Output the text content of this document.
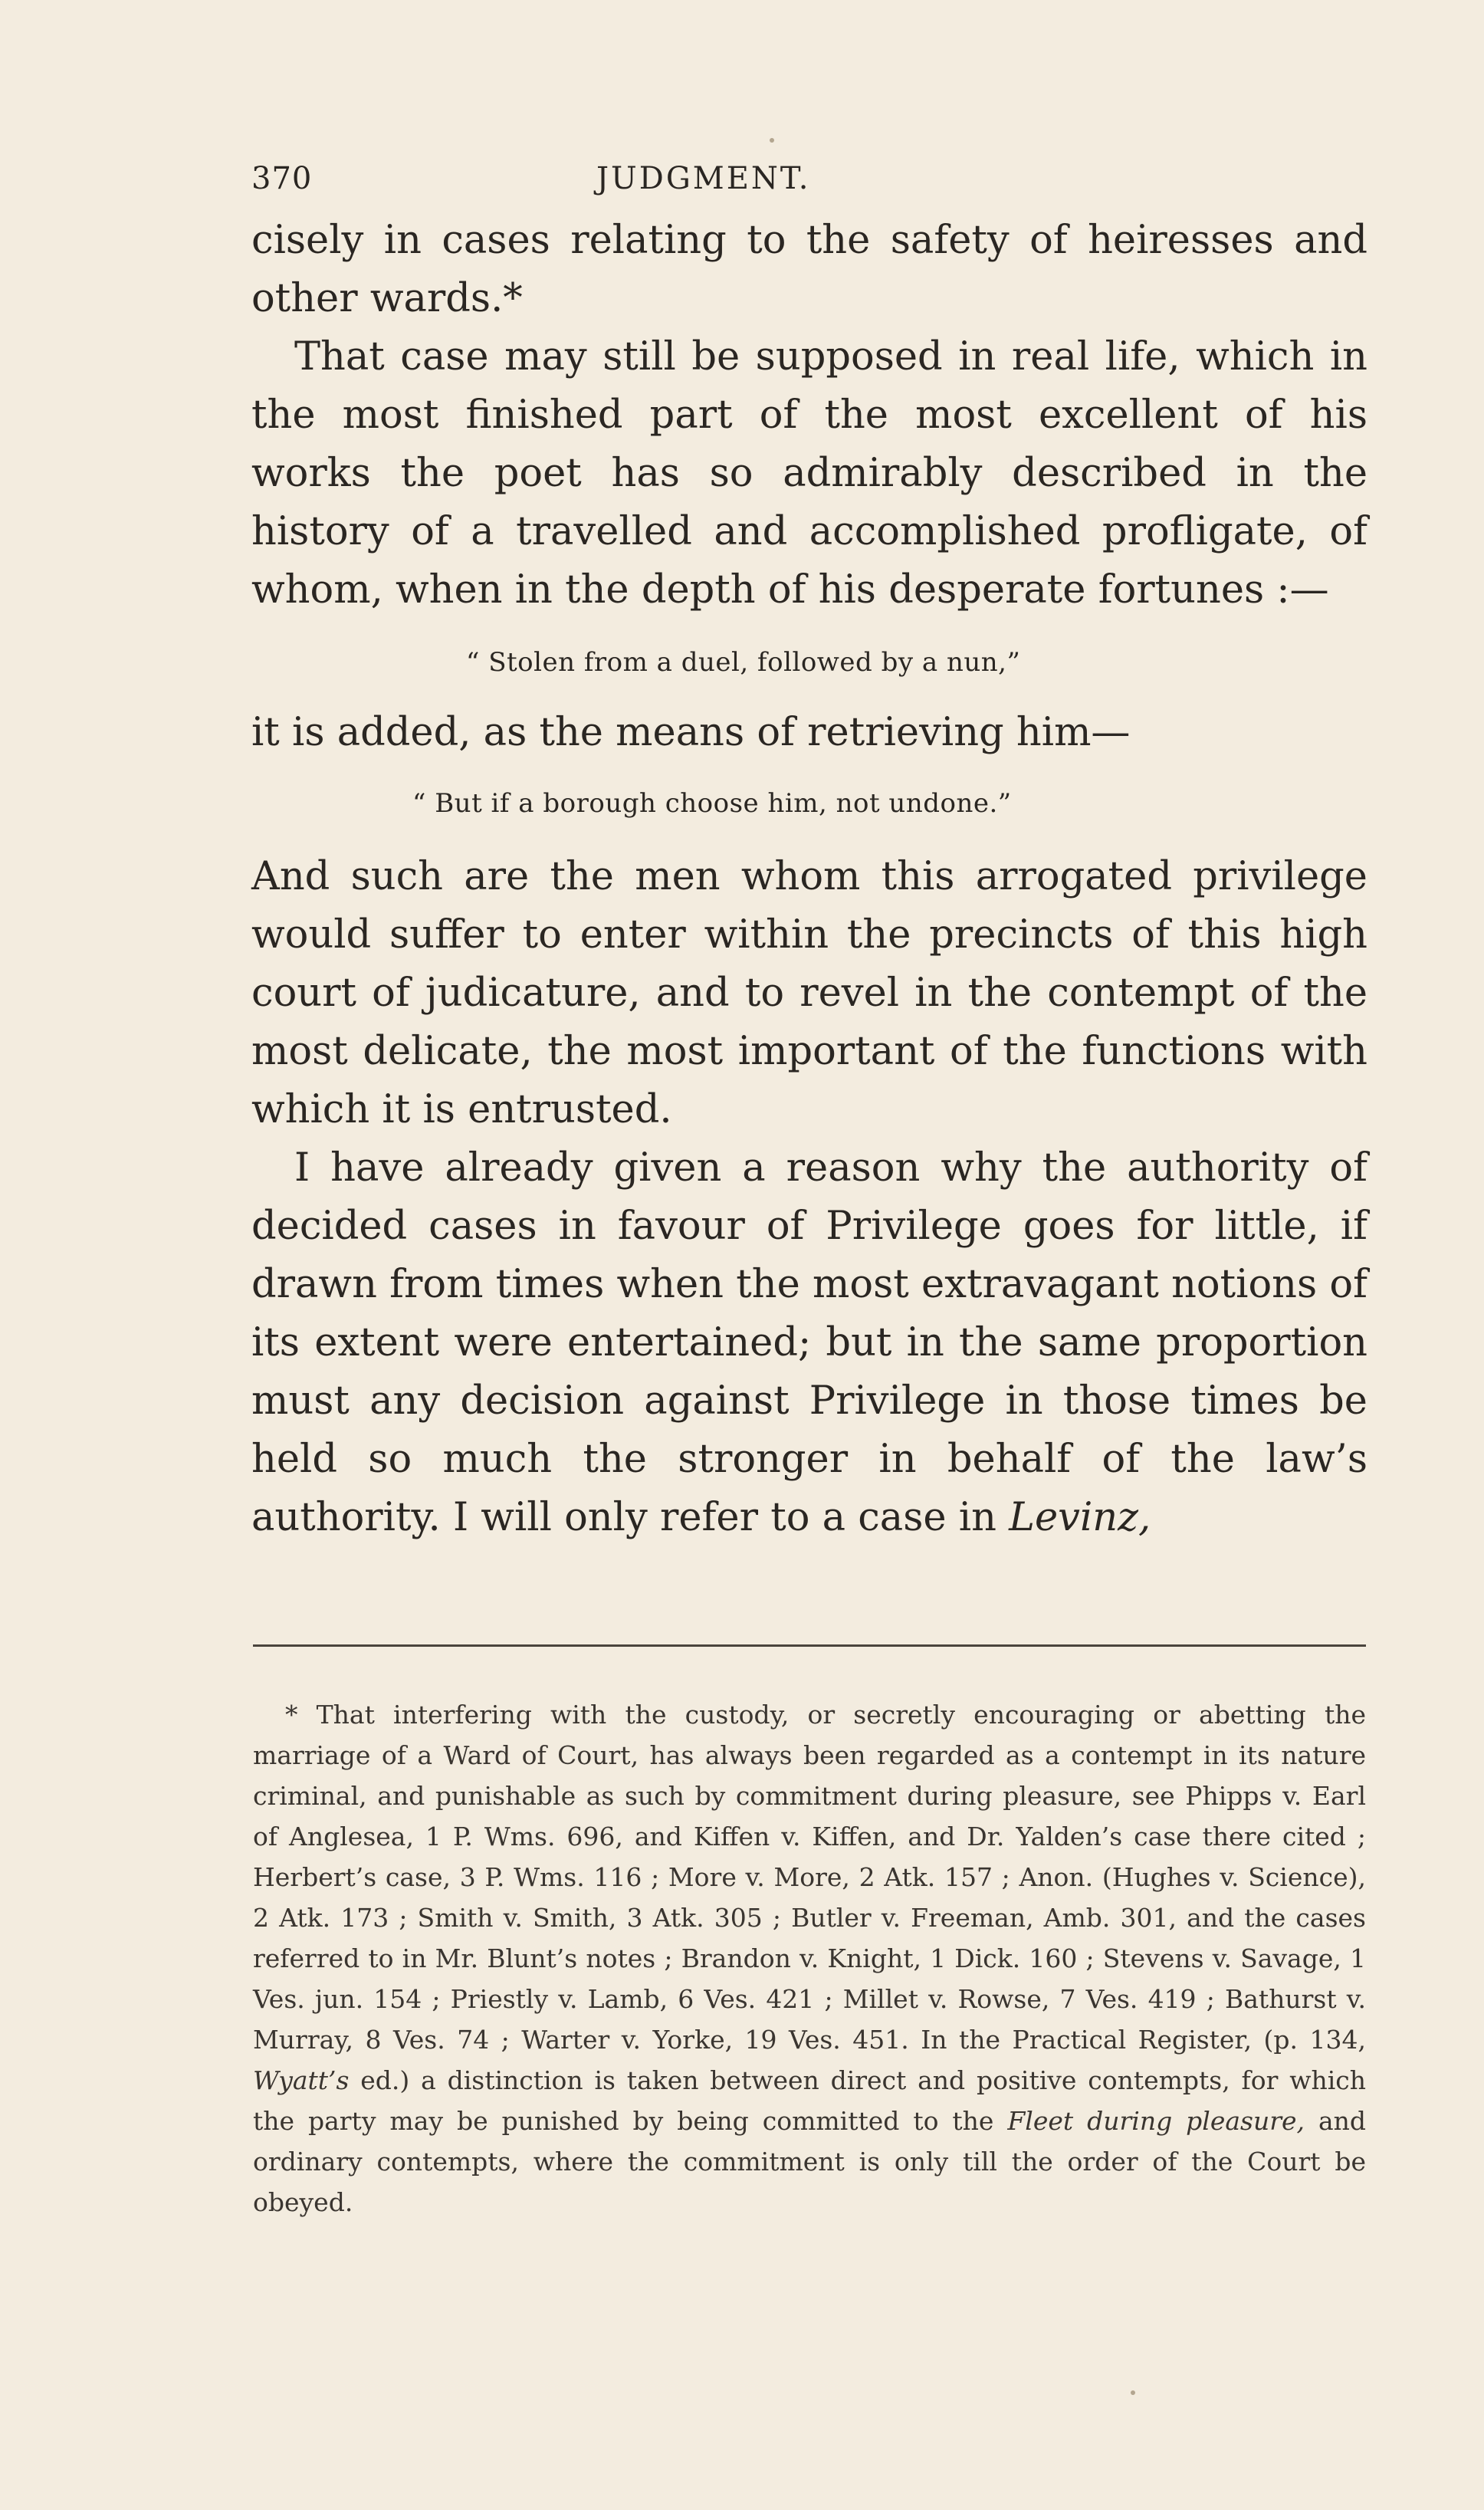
370	JUDGMENT.

cisely in cases relating to the safety of heiresses and other wards.*

That case may still be supposed in real life, which in the most finished part of the most excellent of his works the poet has so admirably described in the history of a travelled and accomplished profligate, of whom, when in the depth of his desperate fortunes :—

“ Stolen from a duel, followed by a nun,”

it is added, as the means of retrieving him—

“ But if a borough choose him, not undone.”

And such are the men whom this arrogated privilege would suffer to enter within the precincts of this high court of judicature, and to revel in the contempt of the most delicate, the most important of the functions with which it is entrusted.

I have already given a reason why the authority of decided cases in favour of Privilege goes for little, if drawn from times when the most extravagant notions of its extent were entertained; but in the same proportion must any decision against Privilege in those times be held so much the stronger in behalf of the law’s authority. I will only refer to a case in Levinz,

* That interfering with the custody, or secretly encouraging or abetting the marriage of a Ward of Court, has always been regarded as a contempt in its nature criminal, and punishable as such by commitment during pleasure, see Phipps v. Earl of Anglesea, 1 P. Wms. 696, and Kiffen v. Kiffen, and Dr. Yalden’s case there cited ; Herbert’s case, 3 P. Wms. 116 ; More v. More, 2 Atk. 157 ; Anon. (Hughes v. Science), 2 Atk. 173 ; Smith v. Smith, 3 Atk. 305 ; Butler v. Freeman, Amb. 301, and the cases referred to in Mr. Blunt’s notes ; Brandon v. Knight, 1 Dick. 160 ; Stevens v. Savage, 1 Ves. jun. 154 ; Priestly v. Lamb, 6 Ves. 421 ; Millet v. Rowse, 7 Ves. 419 ; Bathurst v. Murray, 8 Ves. 74 ; Warter v. Yorke, 19 Ves. 451. In the Practical Register, (p. 134, Wyatt’s ed.) a distinction is taken between direct and positive contempts, for which the party may be punished by being committed to the Fleet during pleasure, and ordinary contempts, where the commitment is only till the order of the Court be obeyed.
